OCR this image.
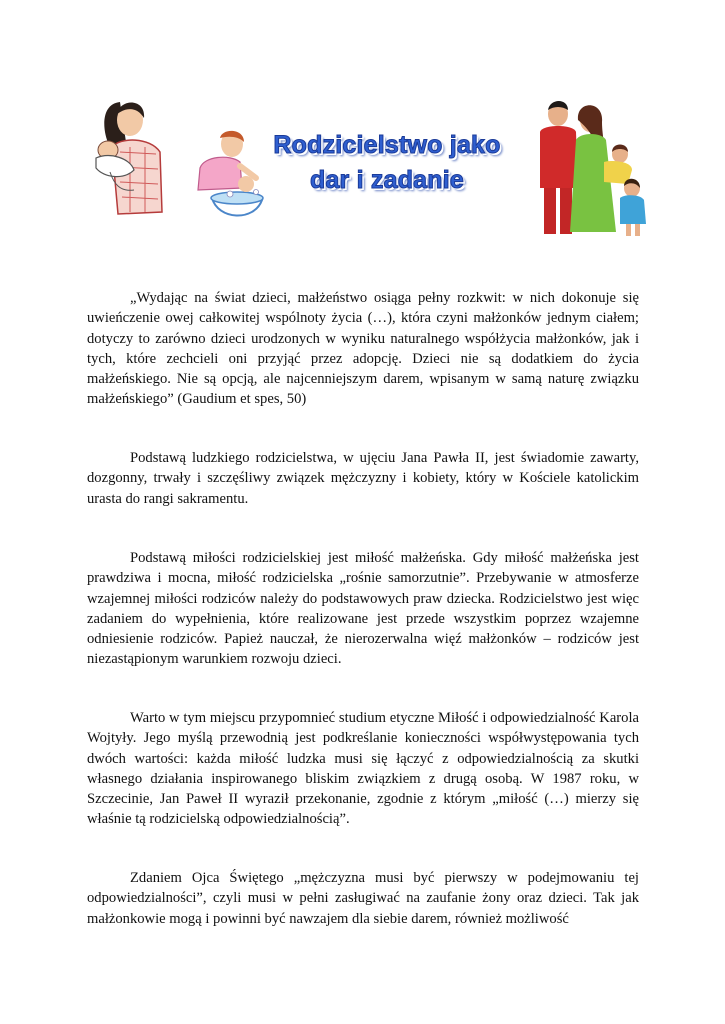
Rodzicielstwo jako
dar i zadanie

„Wydając na świat dzieci, małżeństwo osiąga pełny rozkwit: w nich dokonuje się uwieńczenie owej całkowitej wspólnoty życia (…), która czyni małżonków jednym ciałem; dotyczy to zarówno dzieci urodzonych w wyniku naturalnego współżycia małżonków, jak i tych, które zechcieli oni przyjąć przez adopcję. Dzieci nie są dodatkiem do życia małżeńskiego. Nie są opcją, ale najcenniejszym darem, wpisanym w samą naturę związku małżeńskiego” (Gaudium et spes, 50)

Podstawą ludzkiego rodzicielstwa, w ujęciu Jana Pawła II, jest świadomie zawarty, dozgonny, trwały i szczęśliwy związek mężczyzny i kobiety, który w Kościele katolickim urasta do rangi sakramentu.

Podstawą miłości rodzicielskiej jest miłość małżeńska. Gdy miłość małżeńska jest prawdziwa i mocna, miłość rodzicielska „rośnie samorzutnie”. Przebywanie w atmosferze wzajemnej miłości rodziców należy do podstawowych praw dziecka. Rodzicielstwo jest więc zadaniem do wypełnienia, które realizowane jest przede wszystkim poprzez wzajemne odniesienie rodziców. Papież nauczał, że nierozerwalna więź małżonków – rodziców jest niezastąpionym warunkiem rozwoju dzieci.

Warto w tym miejscu przypomnieć studium etyczne Miłość i odpowiedzialność Karola Wojtyły. Jego myślą przewodnią jest podkreślanie konieczności współwystępowania tych dwóch wartości: każda miłość ludzka musi się łączyć z odpowiedzialnością za skutki własnego działania inspirowanego bliskim związkiem z drugą osobą. W 1987 roku, w Szczecinie, Jan Paweł II wyraził przekonanie, zgodnie z którym „miłość (…) mierzy się właśnie tą rodzicielską odpowiedzialnością”.

Zdaniem Ojca Świętego „mężczyzna musi być pierwszy w podejmowaniu tej odpowiedzialności”, czyli musi w pełni zasługiwać na zaufanie żony oraz dzieci. Tak jak małżonkowie mogą i powinni być nawzajem dla siebie darem, również możliwość
